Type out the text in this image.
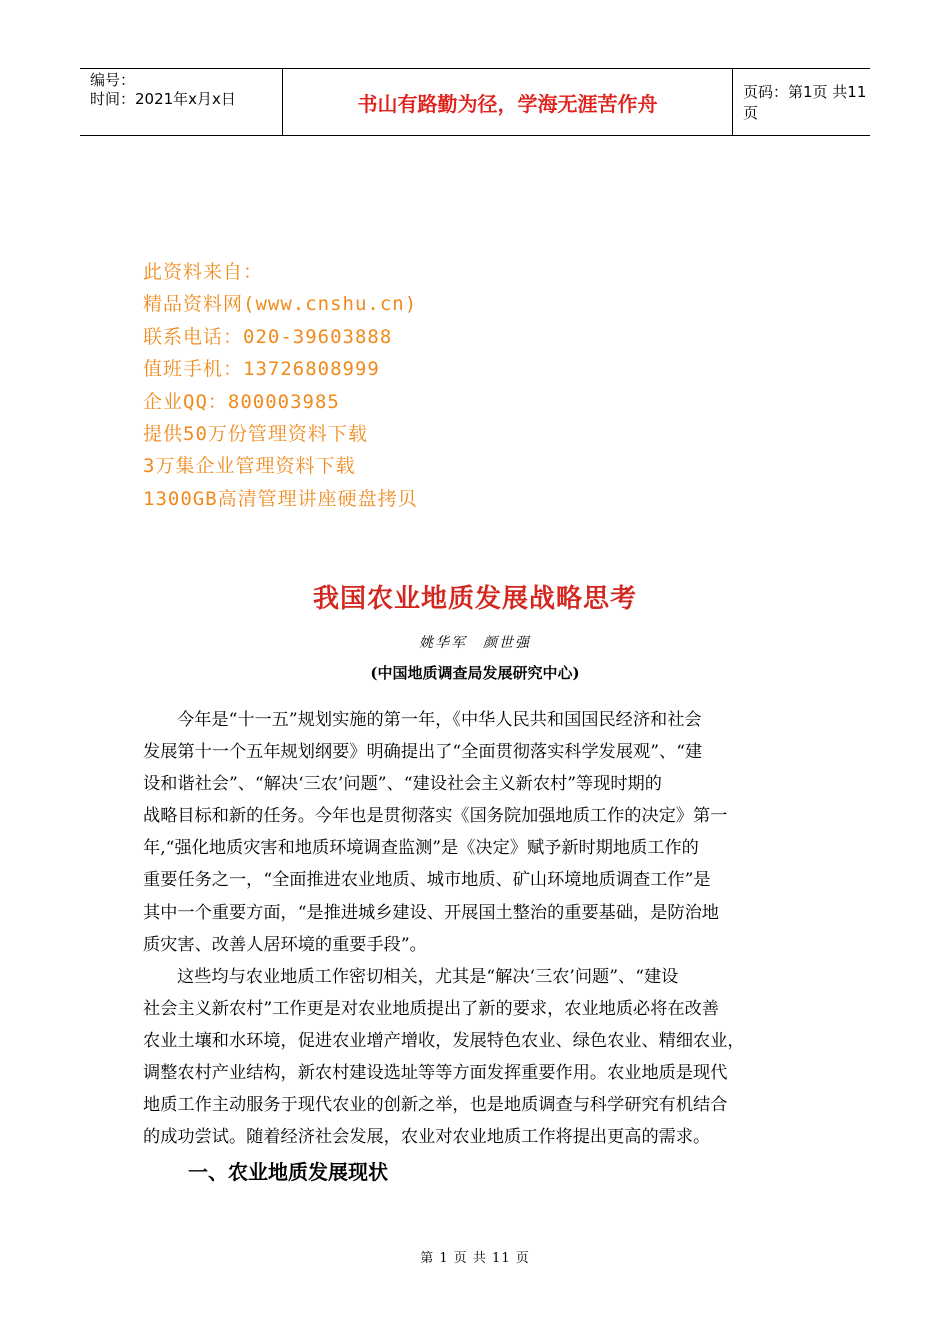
编号：
时间：2021年x月x日	书山有路勤为径，学海无涯苦作舟	页码：第1页 共11页
此资料来自：
精品资料网(www.cnshu.cn)
联系电话：020-39603888
值班手机：13726808999
企业QQ：800003985
提供50万份管理资料下载
3万集企业管理资料下载
1300GB高清管理讲座硬盘拷贝
我国农业地质发展战略思考
姚华军　颜世强
(中国地质调查局发展研究中心)

今年是“十一五”规划实施的第一年，《中华人民共和国国民经济和社会
发展第十一个五年规划纲要》明确提出了“全面贯彻落实科学发展观”、“建
设和谐社会”、“解决‘三农’问题”、“建设社会主义新农村”等现时期的
战略目标和新的任务。今年也是贯彻落实《国务院加强地质工作的决定》第一
年,“强化地质灾害和地质环境调查监测”是《决定》赋予新时期地质工作的
重要任务之一，“全面推进农业地质、城市地质、矿山环境地质调查工作”是
其中一个重要方面，“是推进城乡建设、开展国土整治的重要基础，是防治地
质灾害、改善人居环境的重要手段”。

这些均与农业地质工作密切相关，尤其是“解决‘三农’问题”、“建设
社会主义新农村”工作更是对农业地质提出了新的要求，农业地质必将在改善
农业土壤和水环境，促进农业增产增收，发展特色农业、绿色农业、精细农业，
调整农村产业结构，新农村建设选址等等方面发挥重要作用。农业地质是现代
地质工作主动服务于现代农业的创新之举，也是地质调查与科学研究有机结合
的成功尝试。随着经济社会发展，农业对农业地质工作将提出更高的需求。

一、农业地质发展现状
第 1 页 共 11 页
